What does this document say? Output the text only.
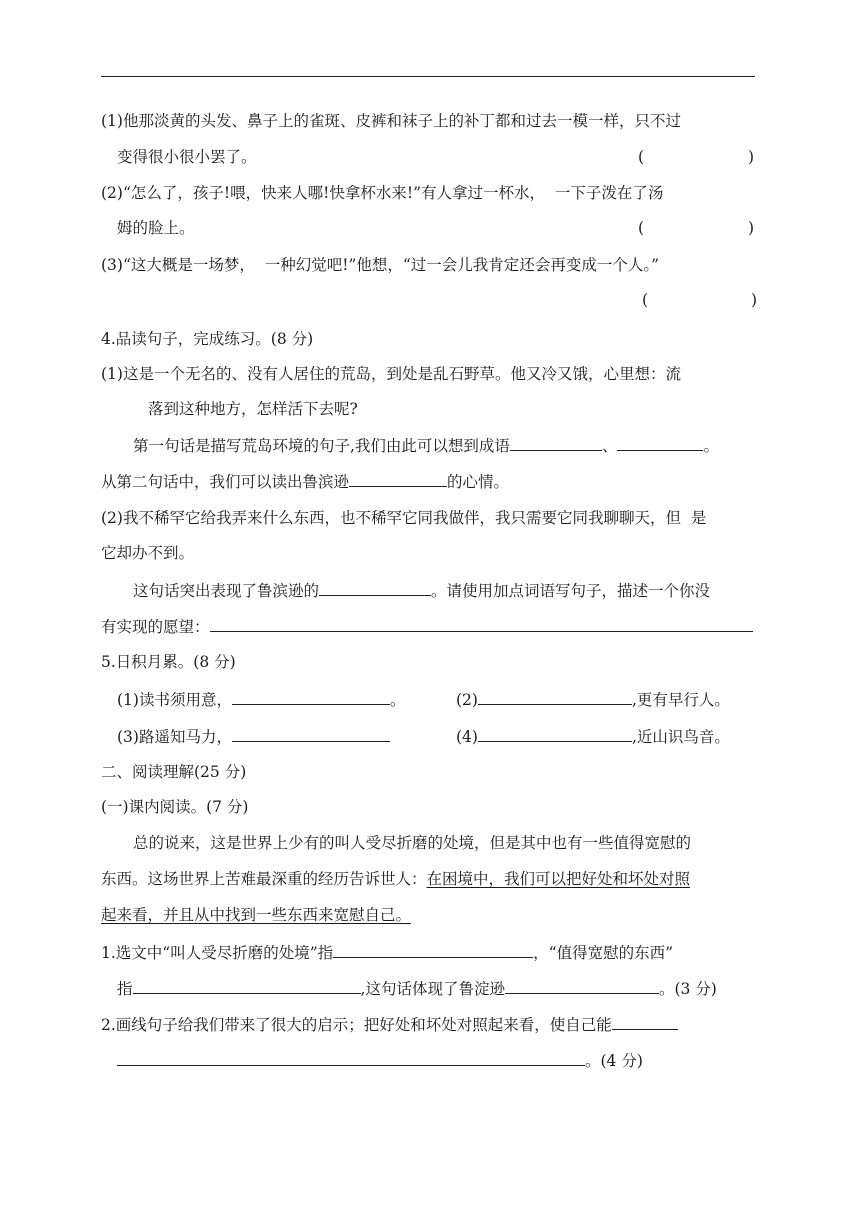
(1)他那淡黄的头发、鼻子上的雀斑、皮裤和袜子上的补丁都和过去一模一样，只不过
变得很小很小罢了。	(	)
(2)“怎么了，孩子!喂，快来人哪!快拿杯水来!”有人拿过一杯水，  一下子泼在了汤
姆的脸上。	(	)
(3)“这大概是一场梦，  一种幻觉吧!”他想，“过一会儿我肯定还会再变成一个人。”
(	)
4.品读句子，完成练习。(8 分)
(1)这是一个无名的、没有人居住的荒岛，到处是乱石野草。他又冷又饿，心里想：流
落到这种地方，怎样活下去呢?
第一句话是描写荒岛环境的句子,我们由此可以想到成语	、	。
从第二句话中，我们可以读出鲁滨逊	的心情。
(2)我不稀罕它给我弄来什么东西，也不稀罕它同我做伴，我只需要它同我聊聊天，但  是
它却办不到。
这句话突出表现了鲁滨逊的	。请使用加点词语写句子，描述一个你没
有实现的愿望：
5.日积月累。(8 分)
(1)读书须用意，	。	(2)	,更有早行人。
(3)路遥知马力，	(4)	,近山识鸟音。
二、阅读理解(25 分)
(一)课内阅读。(7 分)
总的说来，这是世界上少有的叫人受尽折磨的处境，但是其中也有一些值得宽慰的
东西。这场世界上苦难最深重的经历告诉世人：在困境中，我们可以把好处和坏处对照
起来看，并且从中找到一些东西来宽慰自己。
1.选文中“叫人受尽折磨的处境”指	，“值得宽慰的东西”
指	,这句话体现了鲁淀逊	。(3 分)
2.画线句子给我们带来了很大的启示；把好处和坏处对照起来看，使自己能
。(4 分)
